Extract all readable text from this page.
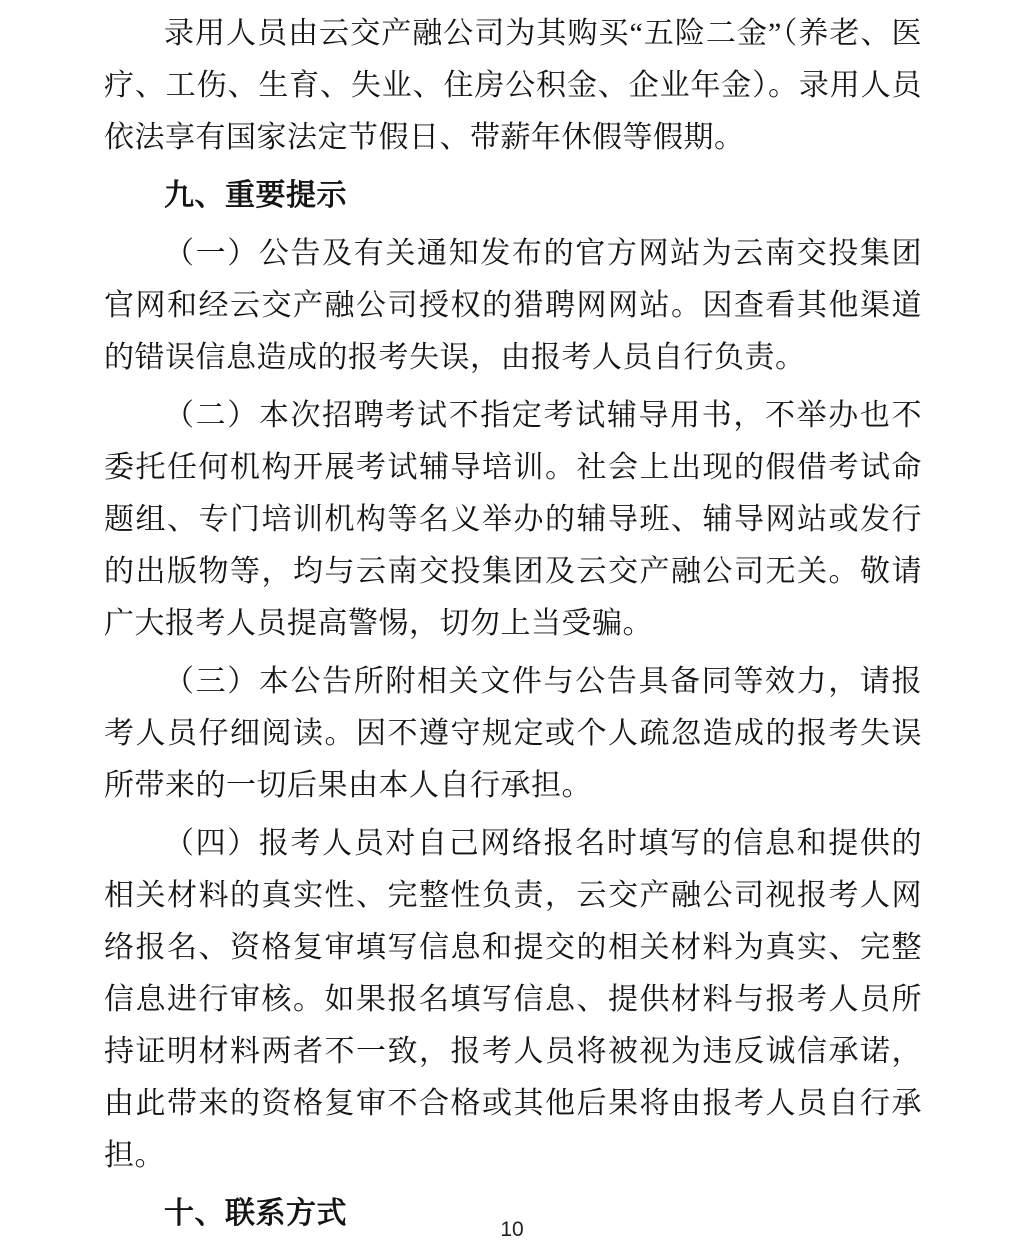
录用人员由云交产融公司为其购买“五险二金”（养老、医疗、工伤、生育、失业、住房公积金、企业年金）。录用人员依法享有国家法定节假日、带薪年休假等假期。

九、重要提示

（一）公告及有关通知发布的官方网站为云南交投集团官网和经云交产融公司授权的猎聘网网站。因查看其他渠道的错误信息造成的报考失误，由报考人员自行负责。

（二）本次招聘考试不指定考试辅导用书，不举办也不委托任何机构开展考试辅导培训。社会上出现的假借考试命题组、专门培训机构等名义举办的辅导班、辅导网站或发行的出版物等，均与云南交投集团及云交产融公司无关。敬请广大报考人员提高警惕，切勿上当受骗。

（三）本公告所附相关文件与公告具备同等效力，请报考人员仔细阅读。因不遵守规定或个人疏忽造成的报考失误所带来的一切后果由本人自行承担。

（四）报考人员对自己网络报名时填写的信息和提供的相关材料的真实性、完整性负责，云交产融公司视报考人网络报名、资格复审填写信息和提交的相关材料为真实、完整信息进行审核。如果报名填写信息、提供材料与报考人员所持证明材料两者不一致，报考人员将被视为违反诚信承诺，由此带来的资格复审不合格或其他后果将由报考人员自行承担。

十、联系方式	10
